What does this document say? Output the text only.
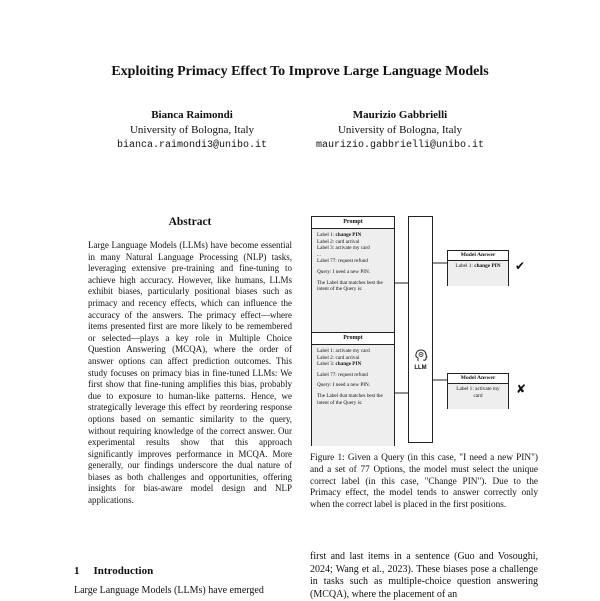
Exploiting Primacy Effect To Improve Large Language Models
Bianca Raimondi
University of Bologna, Italy
bianca.raimondi3@unibo.it
Maurizio Gabbrielli
University of Bologna, Italy
maurizio.gabbrielli@unibo.it
Abstract
Large Language Models (LLMs) have become essential in many Natural Language Processing (NLP) tasks, leveraging extensive pre-training and fine-tuning to achieve high accuracy. However, like humans, LLMs exhibit biases, particularly positional biases such as primacy and recency effects, which can influence the accuracy of the answers. The primacy effect—where items presented first are more likely to be remembered or selected—plays a key role in Multiple Choice Question Answering (MCQA), where the order of answer options can affect prediction outcomes. This study focuses on primacy bias in fine-tuned LLMs: We first show that fine-tuning amplifies this bias, probably due to exposure to human-like patterns. Hence, we strategically leverage this effect by reordering response options based on semantic similarity to the query, without requiring knowledge of the correct answer. Our experimental results show that this approach significantly improves performance in MCQA. More generally, our findings underscore the dual nature of biases as both challenges and opportunities, offering insights for bias-aware model design and NLP applications.
1 Introduction
Large Language Models (LLMs) have emerged
Prompt
Label 1: change PIN
Label 2: card arrival
Label 3: activate my card
...
Label 77: request refund
Query: I need a new PIN.
The Label that matches best the intent of the Query is:
Prompt
Label 1: activate my card
Label 2: card arrival
Label 3: change PIN
Label 77: request refund
Query: I need a new PIN.
The Label that matches best the intent of the Query is:
LLM
Model Answer
Label 1: change PIN	✔
Model Answer
Label 1: activate my card	✘
Figure 1: Given a Query (in this case, "I need a new PIN") and a set of 77 Options, the model must select the unique correct label (in this case, "Change PIN"). Due to the Primacy effect, the model tends to answer correctly only when the correct label is placed in the first positions.
first and last items in a sentence (Guo and Vosoughi, 2024; Wang et al., 2023). These biases pose a challenge in tasks such as multiple-choice question answering (MCQA), where the placement of an
